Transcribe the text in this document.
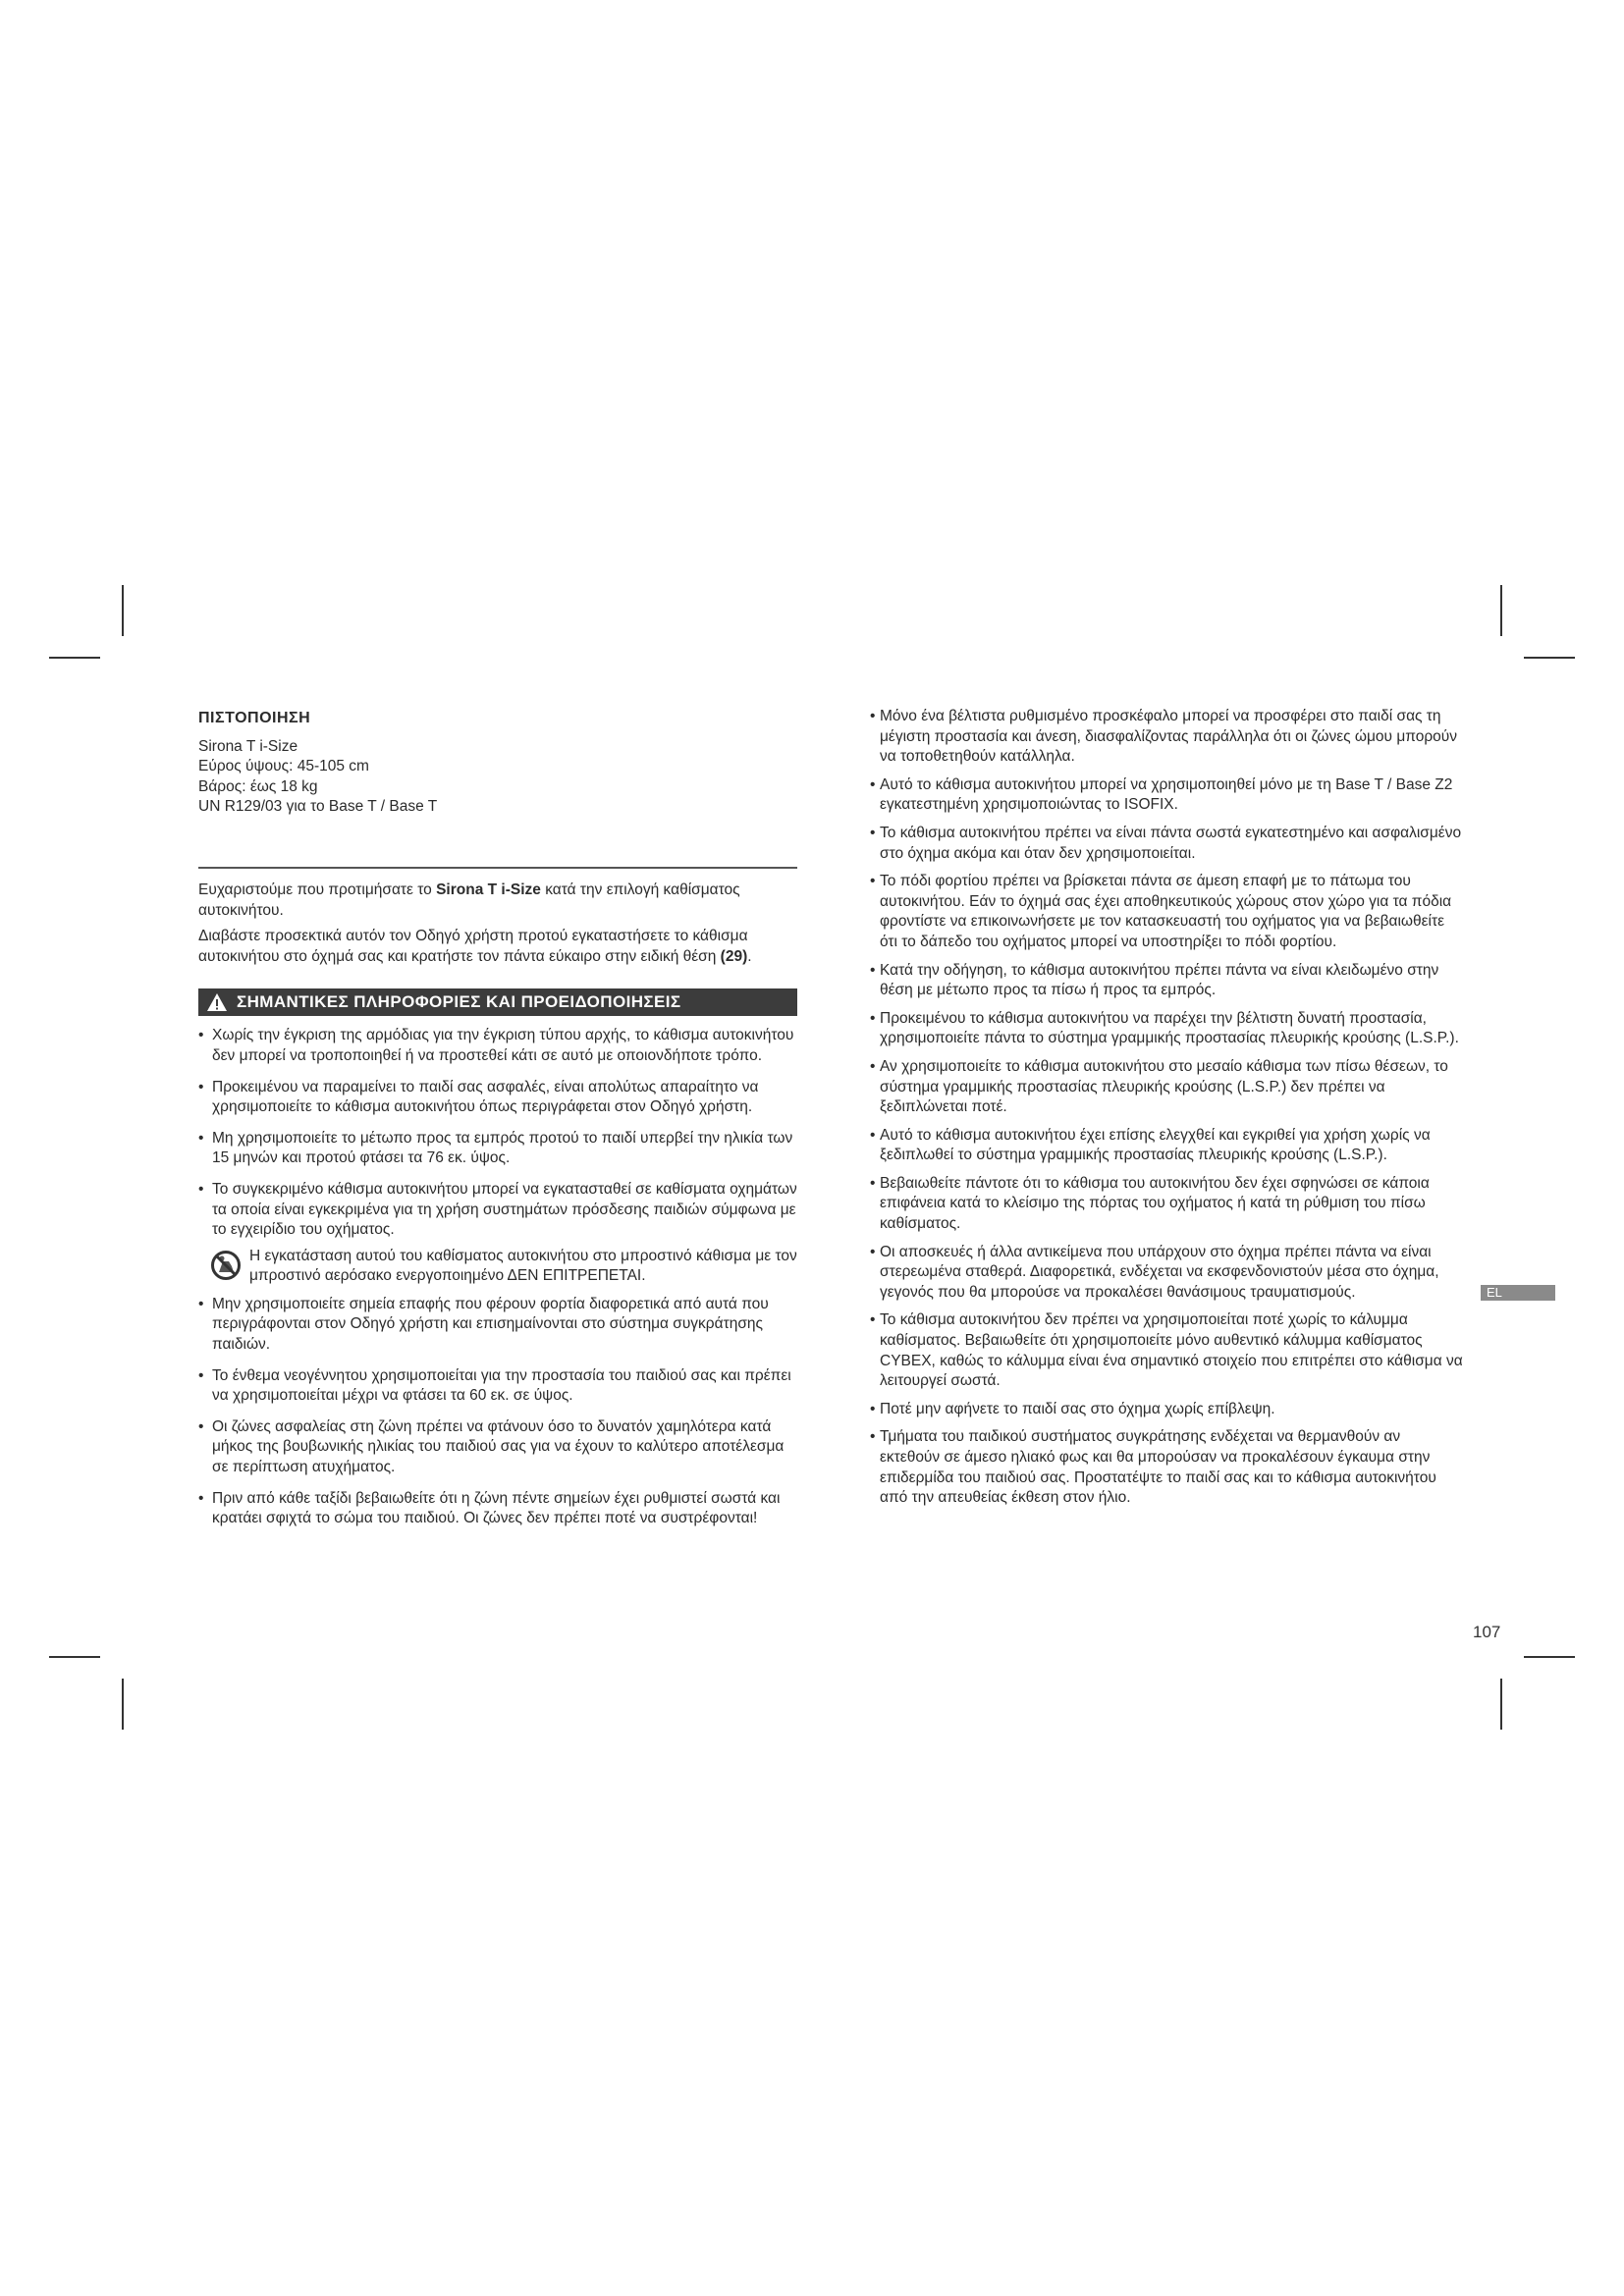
ΠΙΣΤΟΠΟΙΗΣΗ

Sirona T i-Size

Εύρος ύψους: 45-105 cm

Βάρος: έως 18 kg

UN R129/03 για το Base T / Base T

Ευχαριστούμε που προτιμήσατε το Sirona T i-Size κατά την επιλογή καθίσματος αυτοκινήτου.

Διαβάστε προσεκτικά αυτόν τον Οδηγό χρήστη προτού εγκαταστήσετε το κάθισμα αυτοκινήτου στο όχημά σας και κρατήστε τον πάντα εύκαιρο στην ειδική θέση (29).

ΣΗΜΑΝΤΙΚΕΣ ΠΛΗΡΟΦΟΡΙΕΣ ΚΑΙ ΠΡΟΕΙΔΟΠΟΙΗΣΕΙΣ
• Χωρίς την έγκριση της αρμόδιας για την έγκριση τύπου αρχής, το κάθισμα αυτοκινήτου δεν μπορεί να τροποποιηθεί ή να προστεθεί κάτι σε αυτό με οποιονδήποτε τρόπο.
• Προκειμένου να παραμείνει το παιδί σας ασφαλές, είναι απολύτως απαραίτητο να χρησιμοποιείτε το κάθισμα αυτοκινήτου όπως περιγράφεται στον Οδηγό χρήστη.
• Μη χρησιμοποιείτε το μέτωπο προς τα εμπρός προτού το παιδί υπερβεί την ηλικία των 15 μηνών και προτού φτάσει τα 76 εκ. ύψος.
• Το συγκεκριμένο κάθισμα αυτοκινήτου μπορεί να εγκατασταθεί σε καθίσματα οχημάτων τα οποία είναι εγκεκριμένα για τη χρήση συστημάτων πρόσδεσης παιδιών σύμφωνα με το εγχειρίδιο του οχήματος.
Η εγκατάσταση αυτού του καθίσματος αυτοκινήτου στο μπροστινό κάθισμα με τον μπροστινό αερόσακο ενεργοποιημένο ΔΕΝ ΕΠΙΤΡΕΠΕΤΑΙ.
• Μην χρησιμοποιείτε σημεία επαφής που φέρουν φορτία διαφορετικά από αυτά που περιγράφονται στον Οδηγό χρήστη και επισημαίνονται στο σύστημα συγκράτησης παιδιών.
• Το ένθεμα νεογέννητου χρησιμοποιείται για την προστασία του παιδιού σας και πρέπει να χρησιμοποιείται μέχρι να φτάσει τα 60 εκ. σε ύψος.
• Οι ζώνες ασφαλείας στη ζώνη πρέπει να φτάνουν όσο το δυνατόν χαμηλότερα κατά μήκος της βουβωνικής ηλικίας του παιδιού σας για να έχουν το καλύτερο αποτέλεσμα σε περίπτωση ατυχήματος.
• Πριν από κάθε ταξίδι βεβαιωθείτε ότι η ζώνη πέντε σημείων έχει ρυθμιστεί σωστά και κρατάει σφιχτά το σώμα του παιδιού. Οι ζώνες δεν πρέπει ποτέ να συστρέφονται!
• Μόνο ένα βέλτιστα ρυθμισμένο προσκέφαλο μπορεί να προσφέρει στο παιδί σας τη μέγιστη προστασία και άνεση, διασφαλίζοντας παράλληλα ότι οι ζώνες ώμου μπορούν να τοποθετηθούν κατάλληλα.
• Αυτό το κάθισμα αυτοκινήτου μπορεί να χρησιμοποιηθεί μόνο με τη Base T / Base Z2 εγκατεστημένη χρησιμοποιώντας το ISOFIX.
• Το κάθισμα αυτοκινήτου πρέπει να είναι πάντα σωστά εγκατεστημένο και ασφαλισμένο στο όχημα ακόμα και όταν δεν χρησιμοποιείται.
• Το πόδι φορτίου πρέπει να βρίσκεται πάντα σε άμεση επαφή με το πάτωμα του αυτοκινήτου. Εάν το όχημά σας έχει αποθηκευτικούς χώρους στον χώρο για τα πόδια φροντίστε να επικοινωνήσετε με τον κατασκευαστή του οχήματος για να βεβαιωθείτε ότι το δάπεδο του οχήματος μπορεί να υποστηρίξει το πόδι φορτίου.
• Κατά την οδήγηση, το κάθισμα αυτοκινήτου πρέπει πάντα να είναι κλειδωμένο στην θέση με μέτωπο προς τα πίσω ή προς τα εμπρός.
• Προκειμένου το κάθισμα αυτοκινήτου να παρέχει την βέλτιστη δυνατή προστασία, χρησιμοποιείτε πάντα το σύστημα γραμμικής προστασίας πλευρικής κρούσης (L.S.P.).
• Αν χρησιμοποιείτε το κάθισμα αυτοκινήτου στο μεσαίο κάθισμα των πίσω θέσεων, το σύστημα γραμμικής προστασίας πλευρικής κρούσης (L.S.P.) δεν πρέπει να ξεδιπλώνεται ποτέ.
• Αυτό το κάθισμα αυτοκινήτου έχει επίσης ελεγχθεί και εγκριθεί για χρήση χωρίς να ξεδιπλωθεί το σύστημα γραμμικής προστασίας πλευρικής κρούσης (L.S.P.).
• Βεβαιωθείτε πάντοτε ότι το κάθισμα του αυτοκινήτου δεν έχει σφηνώσει σε κάποια επιφάνεια κατά το κλείσιμο της πόρτας του οχήματος ή κατά τη ρύθμιση του πίσω καθίσματος.
• Οι αποσκευές ή άλλα αντικείμενα που υπάρχουν στο όχημα πρέπει πάντα να είναι στερεωμένα σταθερά. Διαφορετικά, ενδέχεται να εκσφενδονιστούν μέσα στο όχημα, γεγονός που θα μπορούσε να προκαλέσει θανάσιμους τραυματισμούς.
• Το κάθισμα αυτοκινήτου δεν πρέπει να χρησιμοποιείται ποτέ χωρίς το κάλυμμα καθίσματος. Βεβαιωθείτε ότι χρησιμοποιείτε μόνο αυθεντικό κάλυμμα καθίσματος CYBEX, καθώς το κάλυμμα είναι ένα σημαντικό στοιχείο που επιτρέπει στο κάθισμα να λειτουργεί σωστά.
• Ποτέ μην αφήνετε το παιδί σας στο όχημα χωρίς επίβλεψη.
• Τμήματα του παιδικού συστήματος συγκράτησης ενδέχεται να θερμανθούν αν εκτεθούν σε άμεσο ηλιακό φως και θα μπορούσαν να προκαλέσουν έγκαυμα στην επιδερμίδα του παιδιού σας. Προστατέψτε το παιδί σας και το κάθισμα αυτοκινήτου από την απευθείας έκθεση στον ήλιο.
EL
107
